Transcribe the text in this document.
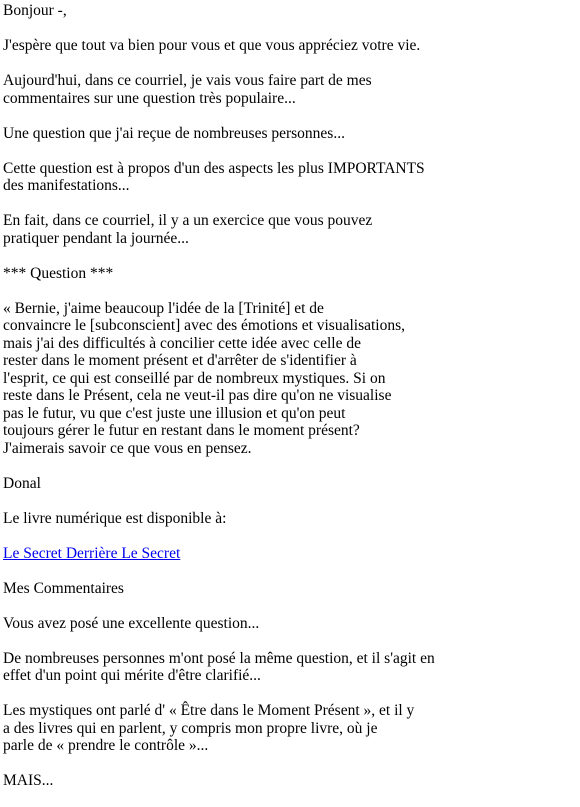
Bonjour -,

J'espère que tout va bien pour vous et que vous appréciez votre vie.

Aujourd'hui, dans ce courriel, je vais vous faire part de mes
commentaires sur une question très populaire...

Une question que j'ai reçue de nombreuses personnes...

Cette question est à propos d'un des aspects les plus IMPORTANTS
des manifestations...

En fait, dans ce courriel, il y a un exercice que vous pouvez
pratiquer pendant la journée...

*** Question ***

« Bernie, j'aime beaucoup l'idée de la [Trinité] et de
convaincre le [subconscient] avec des émotions et visualisations,
mais j'ai des difficultés à concilier cette idée avec celle de
rester dans le moment présent et d'arrêter de s'identifier à
l'esprit, ce qui est conseillé par de nombreux mystiques. Si on
reste dans le Présent, cela ne veut-il pas dire qu'on ne visualise
pas le futur, vu que c'est juste une illusion et qu'on peut
toujours gérer le futur en restant dans le moment présent?
J'aimerais savoir ce que vous en pensez.

Donal

Le livre numérique est disponible à:

Le Secret Derrière Le Secret

Mes Commentaires

Vous avez posé une excellente question...

De nombreuses personnes m'ont posé la même question, et il s'agit en
effet d'un point qui mérite d'être clarifié...

Les mystiques ont parlé d' « Être dans le Moment Présent », et il y
a des livres qui en parlent, y compris mon propre livre, où je
parle de « prendre le contrôle »...

MAIS...
